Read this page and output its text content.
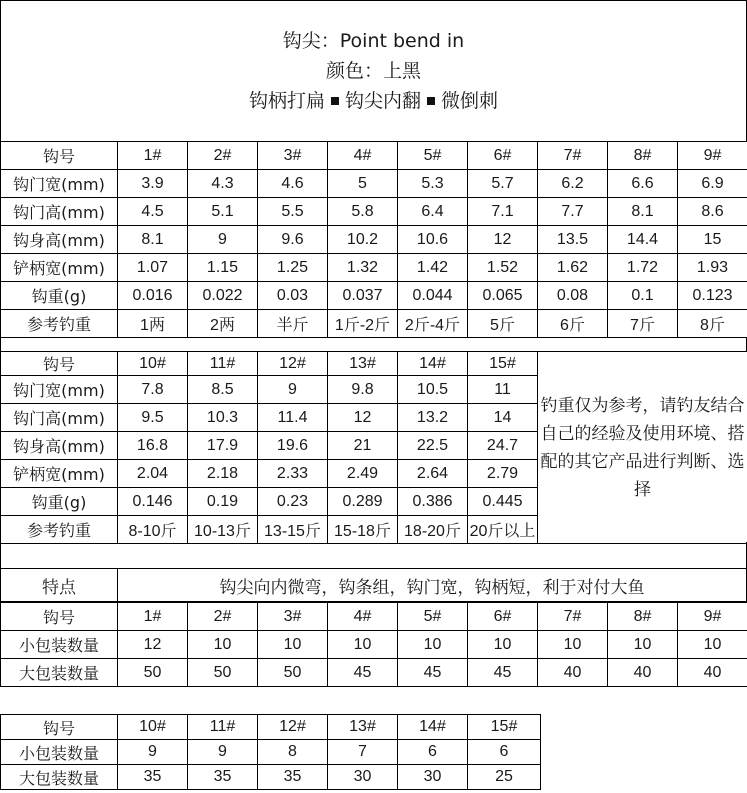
钩尖：Point bend in
颜色：上黑
钩柄打扁 钩尖内翻 微倒刺
钩号	1#	2#	3#	4#	5#	6#	7#	8#	9#
钩门宽(mm)	3.9	4.3	4.6	5	5.3	5.7	6.2	6.6	6.9
钩门高(mm)	4.5	5.1	5.5	5.8	6.4	7.1	7.7	8.1	8.6
钩身高(mm)	8.1	9	9.6	10.2	10.6	12	13.5	14.4	15
铲柄宽(mm)	1.07	1.15	1.25	1.32	1.42	1.52	1.62	1.72	1.93
钩重(g)	0.016	0.022	0.03	0.037	0.044	0.065	0.08	0.1	0.123
参考钓重	1两	2两	半斤	1斤-2斤	2斤-4斤	5斤	6斤	7斤	8斤
钩号	10#	11#	12#	13#	14#	15#	钓重仅为参考，请钓友结合自己的经验及使用环境、搭配的其它产品进行判断、选择
钩门宽(mm)	7.8	8.5	9	9.8	10.5	11	
钩门高(mm)	9.5	10.3	11.4	12	13.2	14	
钩身高(mm)	16.8	17.9	19.6	21	22.5	24.7	
铲柄宽(mm)	2.04	2.18	2.33	2.49	2.64	2.79	
钩重(g)	0.146	0.19	0.23	0.289	0.386	0.445	
参考钓重	8-10斤	10-13斤	13-15斤	15-18斤	18-20斤	20斤以上	
特点	钩尖向内微弯，钩条组，钩门宽，钩柄短，利于对付大鱼
钩号	1#	2#	3#	4#	5#	6#	7#	8#	9#
小包装数量	12	10	10	10	10	10	10	10	10
大包装数量	50	50	50	45	45	45	40	40	40
钩号	10#	11#	12#	13#	14#	15#
小包装数量	9	9	8	7	6	6
大包装数量	35	35	35	30	30	25
